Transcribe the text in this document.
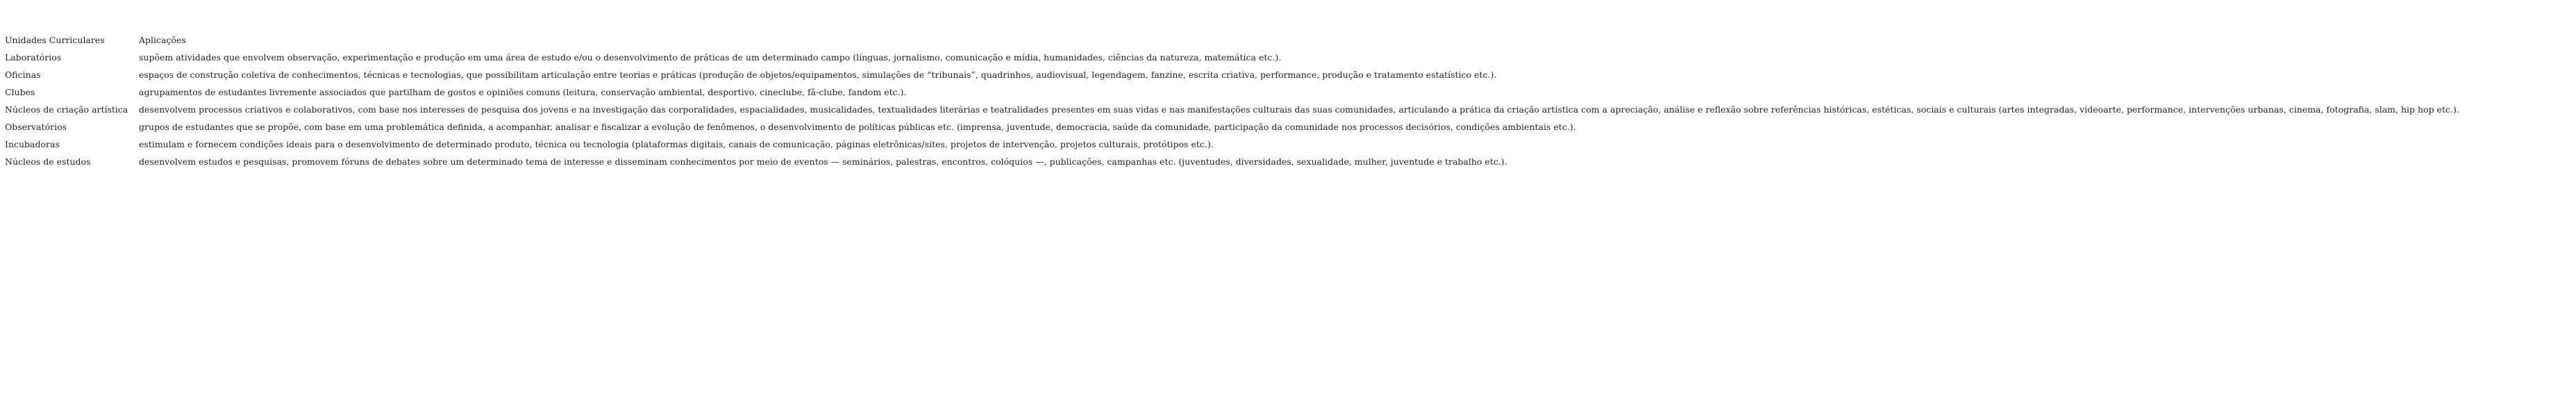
Unidades Curriculares	Aplicações
Laboratórios	supõem atividades que envolvem observação, experimentação e produção em uma área de estudo e/ou o desenvolvimento de práticas de um determinado campo (línguas, jornalismo, comunicação e mídia, humanidades, ciências da natureza, matemática etc.).
Oficinas	espaços de construção coletiva de conhecimentos, técnicas e tecnologias, que possibilitam articulação entre teorias e práticas (produção de objetos/equipamentos, simulações de “tribunais”, quadrinhos, audiovisual, legendagem, fanzine, escrita criativa, performance, produção e tratamento estatístico etc.).
Clubes	agrupamentos de estudantes livremente associados que partilham de gostos e opiniões comuns (leitura, conservação ambiental, desportivo, cineclube, fã-clube, fandom etc.).
Núcleos de criação artística	desenvolvem processos criativos e colaborativos, com base nos interesses de pesquisa dos jovens e na investigação das corporalidades, espacialidades, musicalidades, textualidades literárias e teatralidades presentes em suas vidas e nas manifestações culturais das suas comunidades, articulando a prática da criação artística com a apreciação, análise e reflexão sobre referências históricas, estéticas, sociais e culturais (artes integradas, videoarte, performance, intervenções urbanas, cinema, fotografia, slam, hip hop etc.).
Observatórios	grupos de estudantes que se propõe, com base em uma problemática definida, a acompanhar, analisar e fiscalizar a evolução de fenômenos, o desenvolvimento de políticas públicas etc. (imprensa, juventude, democracia, saúde da comunidade, participação da comunidade nos processos decisórios, condições ambientais etc.).
Incubadoras	estimulam e fornecem condições ideais para o desenvolvimento de determinado produto, técnica ou tecnologia (plataformas digitais, canais de comunicação, páginas eletrônicas/sites, projetos de intervenção, projetos culturais, protótipos etc.).
Núcleos de estudos	desenvolvem estudos e pesquisas, promovem fóruns de debates sobre um determinado tema de interesse e disseminam conhecimentos por meio de eventos — seminários, palestras, encontros, colóquios —, publicações, campanhas etc. (juventudes, diversidades, sexualidade, mulher, juventude e trabalho etc.).
